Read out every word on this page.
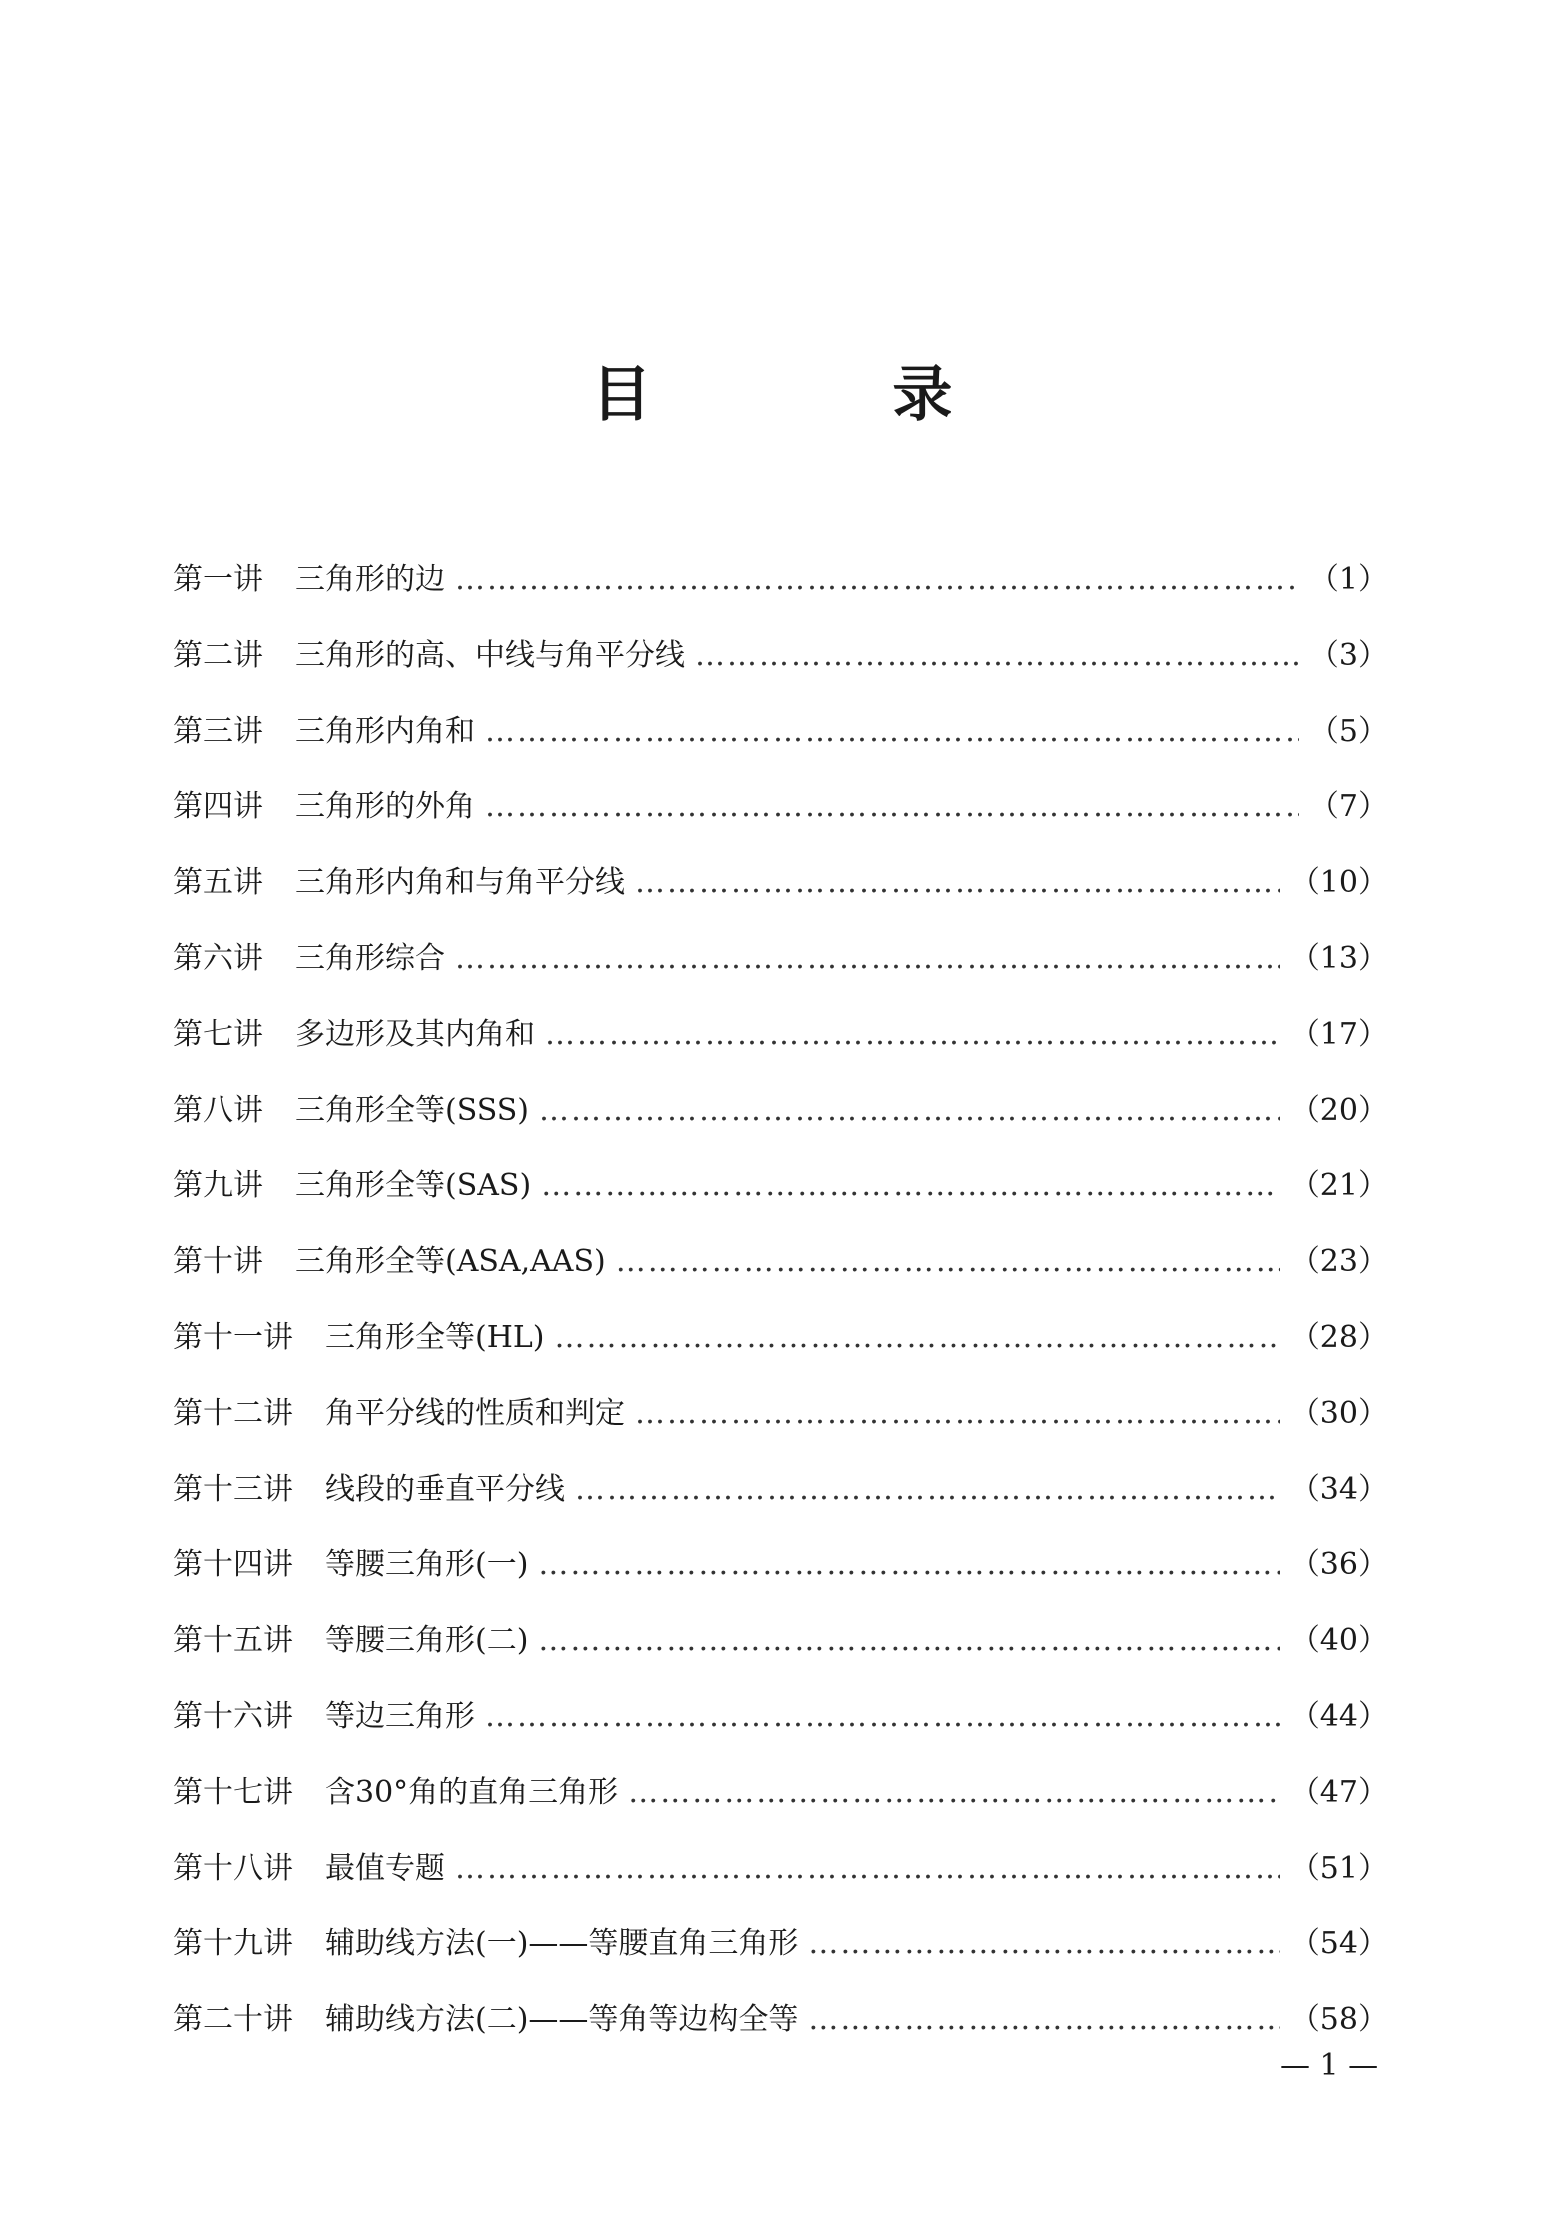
目 录
第一讲 三角形的边 …………………………………………………………………………………………………………………………………………………………	（1）
第二讲 三角形的高、中线与角平分线 …………………………………………………………………………………………………………………………………………………………	（3）
第三讲 三角形内角和 …………………………………………………………………………………………………………………………………………………………	（5）
第四讲 三角形的外角 …………………………………………………………………………………………………………………………………………………………	（7）
第五讲 三角形内角和与角平分线 …………………………………………………………………………………………………………………………………………………………	（10）
第六讲 三角形综合 …………………………………………………………………………………………………………………………………………………………	（13）
第七讲 多边形及其内角和 …………………………………………………………………………………………………………………………………………………………	（17）
第八讲 三角形全等(SSS) …………………………………………………………………………………………………………………………………………………………	（20）
第九讲 三角形全等(SAS) …………………………………………………………………………………………………………………………………………………………	（21）
第十讲 三角形全等(ASA,AAS) …………………………………………………………………………………………………………………………………………………………	（23）
第十一讲 三角形全等(HL) …………………………………………………………………………………………………………………………………………………………	（28）
第十二讲 角平分线的性质和判定 …………………………………………………………………………………………………………………………………………………………	（30）
第十三讲 线段的垂直平分线 …………………………………………………………………………………………………………………………………………………………	（34）
第十四讲 等腰三角形(一) …………………………………………………………………………………………………………………………………………………………	（36）
第十五讲 等腰三角形(二) …………………………………………………………………………………………………………………………………………………………	（40）
第十六讲 等边三角形 …………………………………………………………………………………………………………………………………………………………	（44）
第十七讲 含30°角的直角三角形 …………………………………………………………………………………………………………………………………………………………	（47）
第十八讲 最值专题 …………………………………………………………………………………………………………………………………………………………	（51）
第十九讲 辅助线方法(一)——等腰直角三角形 …………………………………………………………………………………………………………………………………………………………	（54）
第二十讲 辅助线方法(二)——等角等边构全等 …………………………………………………………………………………………………………………………………………………………	（58）
— 1 —
